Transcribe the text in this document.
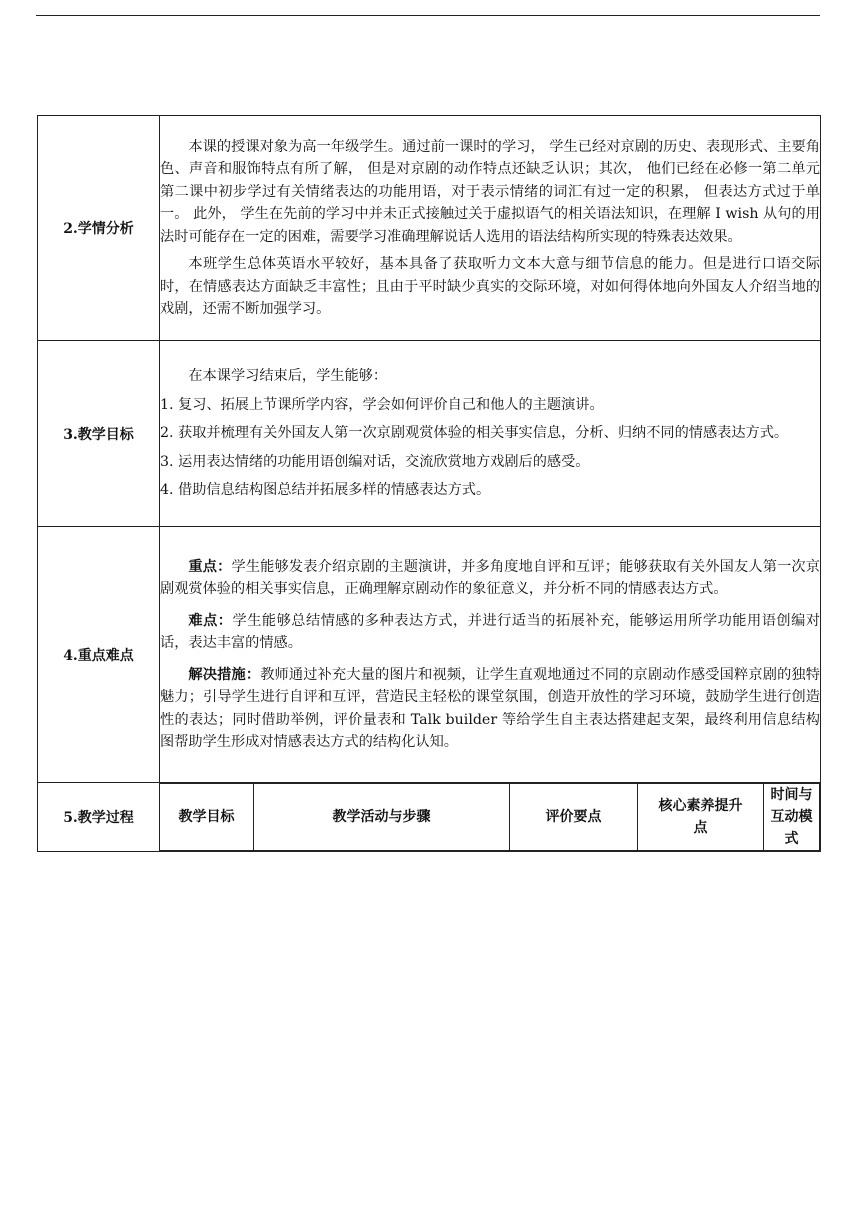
2.学情分析	

本课的授课对象为高一年级学生。通过前一课时的学习， 学生已经对京剧的历史、表现形式、主要角色、声音和服饰特点有所了解， 但是对京剧的动作特点还缺乏认识；其次， 他们已经在必修一第二单元第二课中初步学过有关情绪表达的功能用语，对于表示情绪的词汇有过一定的积累， 但表达方式过于单一。 此外， 学生在先前的学习中并未正式接触过关于虚拟语气的相关语法知识，在理解 I wish 从句的用法时可能存在一定的困难，需要学习准确理解说话人选用的语法结构所实现的特殊表达效果。

本班学生总体英语水平较好，基本具备了获取听力文本大意与细节信息的能力。但是进行口语交际时，在情感表达方面缺乏丰富性；且由于平时缺少真实的交际环境，对如何得体地向外国友人介绍当地的戏剧，还需不断加强学习。

3.教学目标	

在本课学习结束后，学生能够：

1. 复习、拓展上节课所学内容，学会如何评价自己和他人的主题演讲。

2. 获取并梳理有关外国友人第一次京剧观赏体验的相关事实信息，分析、归纳不同的情感表达方式。

3. 运用表达情绪的功能用语创编对话，交流欣赏地方戏剧后的感受。

4. 借助信息结构图总结并拓展多样的情感表达方式。

4.重点难点	

重点：学生能够发表介绍京剧的主题演讲，并多角度地自评和互评；能够获取有关外国友人第一次京剧观赏体验的相关事实信息，正确理解京剧动作的象征意义，并分析不同的情感表达方式。

难点：学生能够总结情感的多种表达方式，并进行适当的拓展补充，能够运用所学功能用语创编对话，表达丰富的情感。

解决措施：教师通过补充大量的图片和视频，让学生直观地通过不同的京剧动作感受国粹京剧的独特魅力；引导学生进行自评和互评，营造民主轻松的课堂氛围，创造开放性的学习环境，鼓励学生进行创造性的表达；同时借助举例，评价量表和 Talk builder 等给学生自主表达搭建起支架，最终利用信息结构图帮助学生形成对情感表达方式的结构化认知。

5.教学过程		教学目标	教学活动与步骤	评价要点	核心素养提升点	时间与互动模式
